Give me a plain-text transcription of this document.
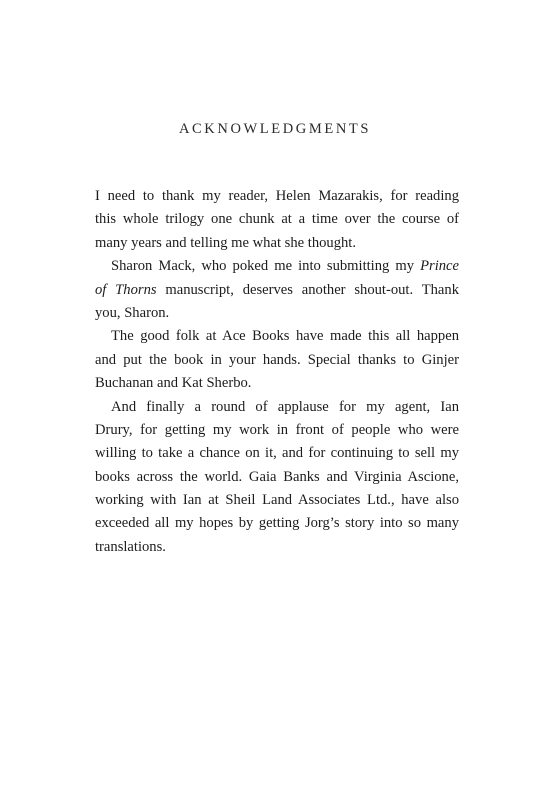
ACKNOWLEDGMENTS
I need to thank my reader, Helen Mazarakis, for reading
this whole trilogy one chunk at a time over the course of
many years and telling me what she thought.
Sharon Mack, who poked me into submitting my Prince
of Thorns manuscript, deserves another shout-out. Thank
you, Sharon.
The good folk at Ace Books have made this all happen
and put the book in your hands. Special thanks to Ginjer
Buchanan and Kat Sherbo.
And finally a round of applause for my agent, Ian
Drury, for getting my work in front of people who were
willing to take a chance on it, and for continuing to sell my
books across the world. Gaia Banks and Virginia Ascione,
working with Ian at Sheil Land Associates Ltd., have also
exceeded all my hopes by getting Jorg’s story into so many
translations.
